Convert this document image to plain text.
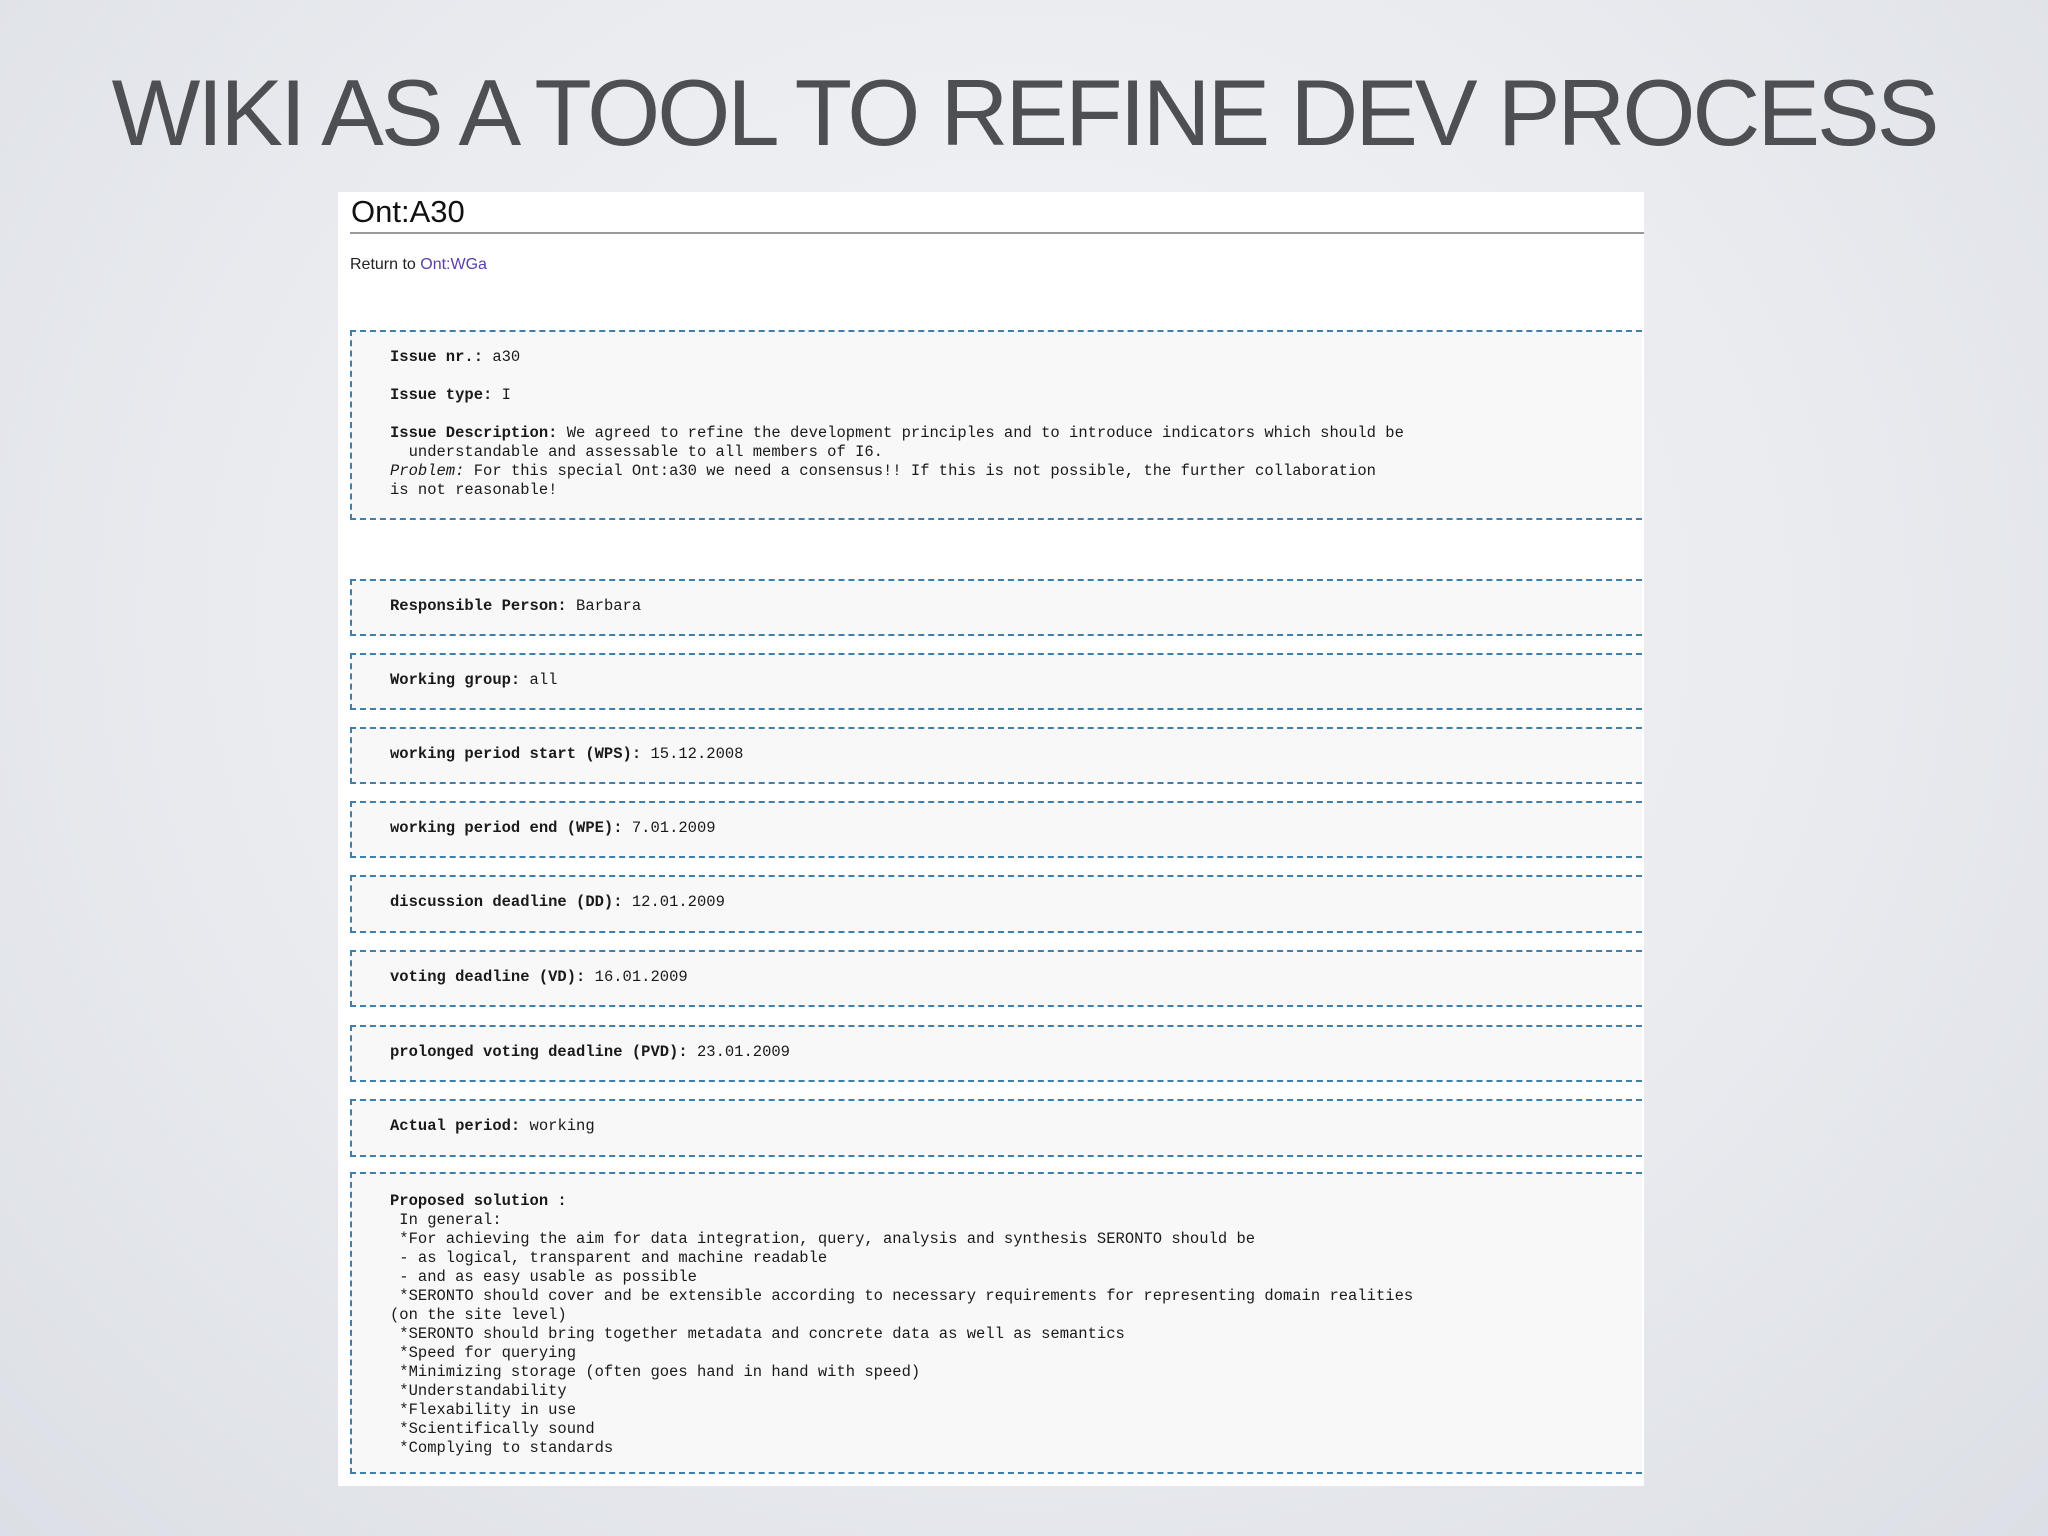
WIKI AS A TOOL TO REFINE DEV PROCESS
Ont:A30
Return to Ont:WGa
Issue nr.: a30
Issue type: I
Issue Description: We agreed to refine the development principles and to introduce indicators which should be
understandable and assessable to all members of I6.
Problem: For this special Ont:a30 we need a consensus!! If this is not possible, the further collaboration
is not reasonable!
Responsible Person: Barbara
Working group: all
working period start (WPS): 15.12.2008
working period end (WPE): 7.01.2009
discussion deadline (DD): 12.01.2009
voting deadline (VD): 16.01.2009
prolonged voting deadline (PVD): 23.01.2009
Actual period: working
Proposed solution :
In general:
*For achieving the aim for data integration, query, analysis and synthesis SERONTO should be
- as logical, transparent and machine readable
- and as easy usable as possible
*SERONTO should cover and be extensible according to necessary requirements for representing domain realities
(on the site level)
*SERONTO should bring together metadata and concrete data as well as semantics
*Speed for querying
*Minimizing storage (often goes hand in hand with speed)
*Understandability
*Flexability in use
*Scientifically sound
*Complying to standards
